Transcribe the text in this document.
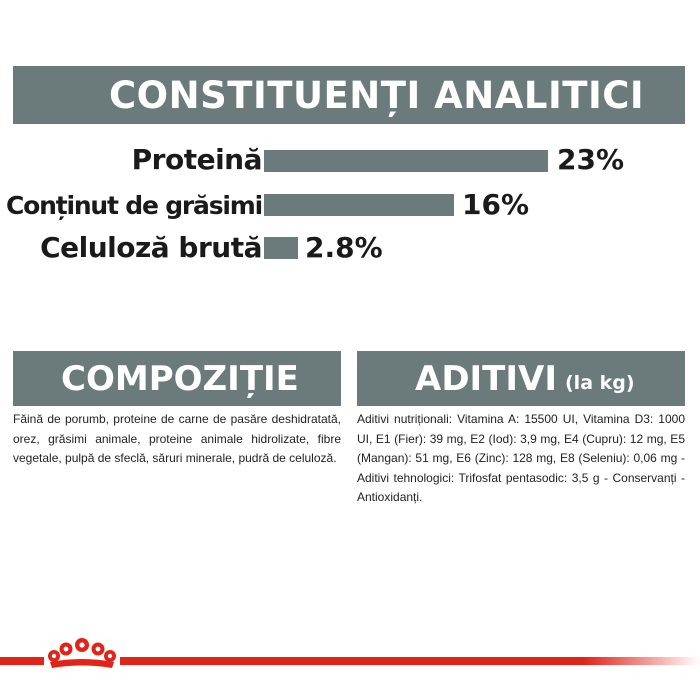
CONSTITUENȚI ANALITICI
Proteină	23%
Conținut de grăsimi	16%
Celuloză brută 2.8%
COMPOZIȚIE
Făină de porumb, proteine de carne de pasăre deshidratată, orez, grăsimi animale, proteine animale hidrolizate, fibre vegetale, pulpă de sfeclă, săruri minerale, pudră de celuloză.
ADITIVI (la kg)
Aditivi nutriționali: Vitamina A: 15500 UI, Vitamina D3: 1000 UI, E1 (Fier): 39 mg, E2 (Iod): 3,9 mg, E4 (Cupru): 12 mg, E5 (Mangan): 51 mg, E6 (Zinc): 128 mg, E8 (Seleniu): 0,06 mg - Aditivi tehnologici: Trifosfat pentasodic: 3,5 g - Conservanți - Antioxidanți.
